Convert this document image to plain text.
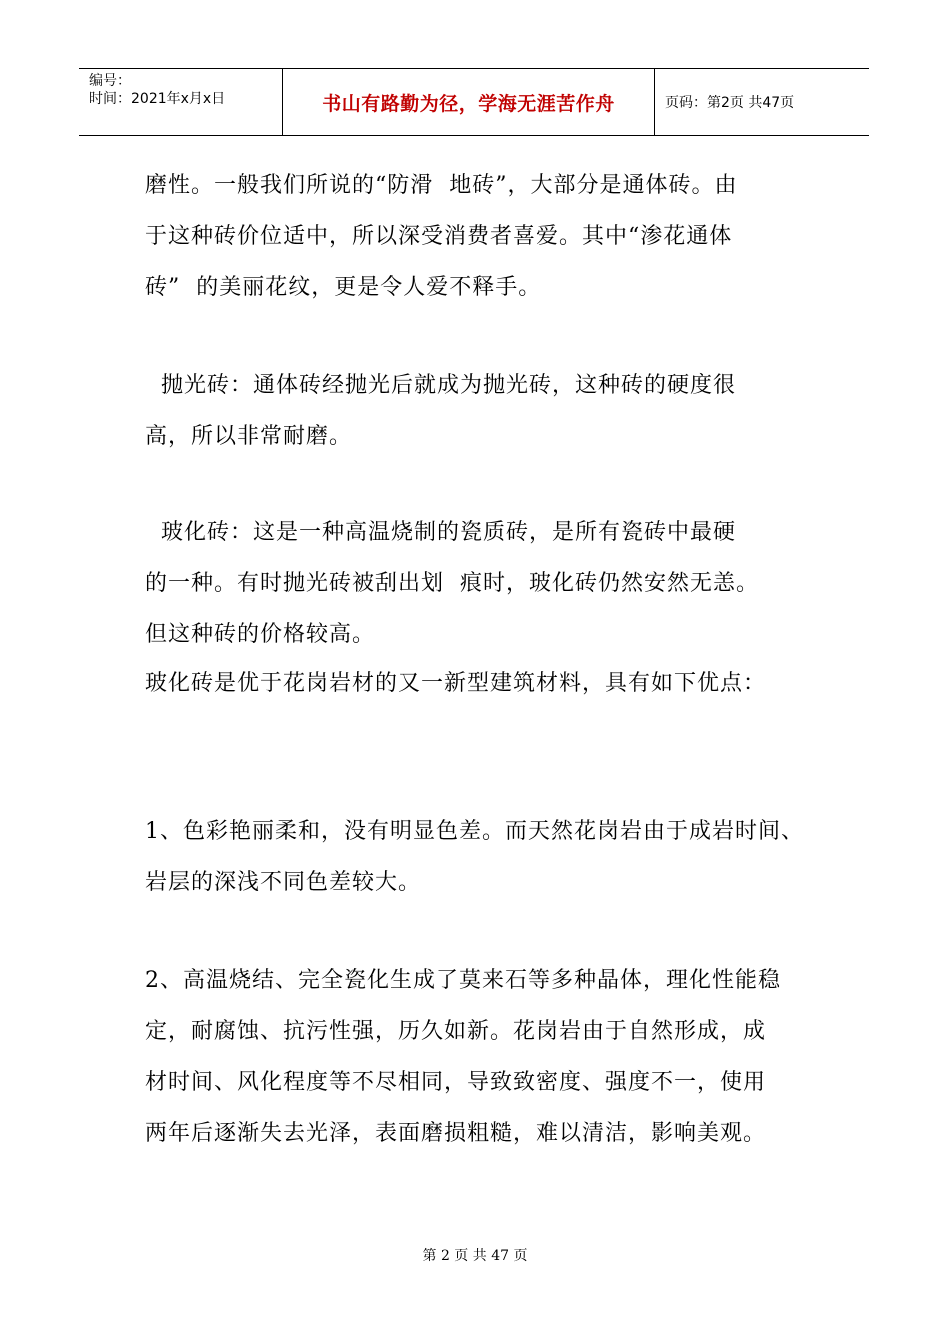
编号：
时间：2021年x月x日	书山有路勤为径，学海无涯苦作舟	页码：第2页 共47页

磨性。一般我们所说的“防滑  地砖”，大部分是通体砖。由

于这种砖价位适中，所以深受消费者喜爱。其中“渗花通体

砖”  的美丽花纹，更是令人爱不释手。

抛光砖：通体砖经抛光后就成为抛光砖，这种砖的硬度很

高，所以非常耐磨。

玻化砖：这是一种高温烧制的瓷质砖，是所有瓷砖中最硬

的一种。有时抛光砖被刮出划  痕时，玻化砖仍然安然无恙。

但这种砖的价格较高。

玻化砖是优于花岗岩材的又一新型建筑材料，具有如下优点：

1、色彩艳丽柔和，没有明显色差。而天然花岗岩由于成岩时间、

岩层的深浅不同色差较大。

2、高温烧结、完全瓷化生成了莫来石等多种晶体，理化性能稳

定，耐腐蚀、抗污性强，历久如新。花岗岩由于自然形成，成

材时间、风化程度等不尽相同，导致致密度、强度不一，使用

两年后逐渐失去光泽，表面磨损粗糙，难以清洁，影响美观。

第 2 页 共 47 页
